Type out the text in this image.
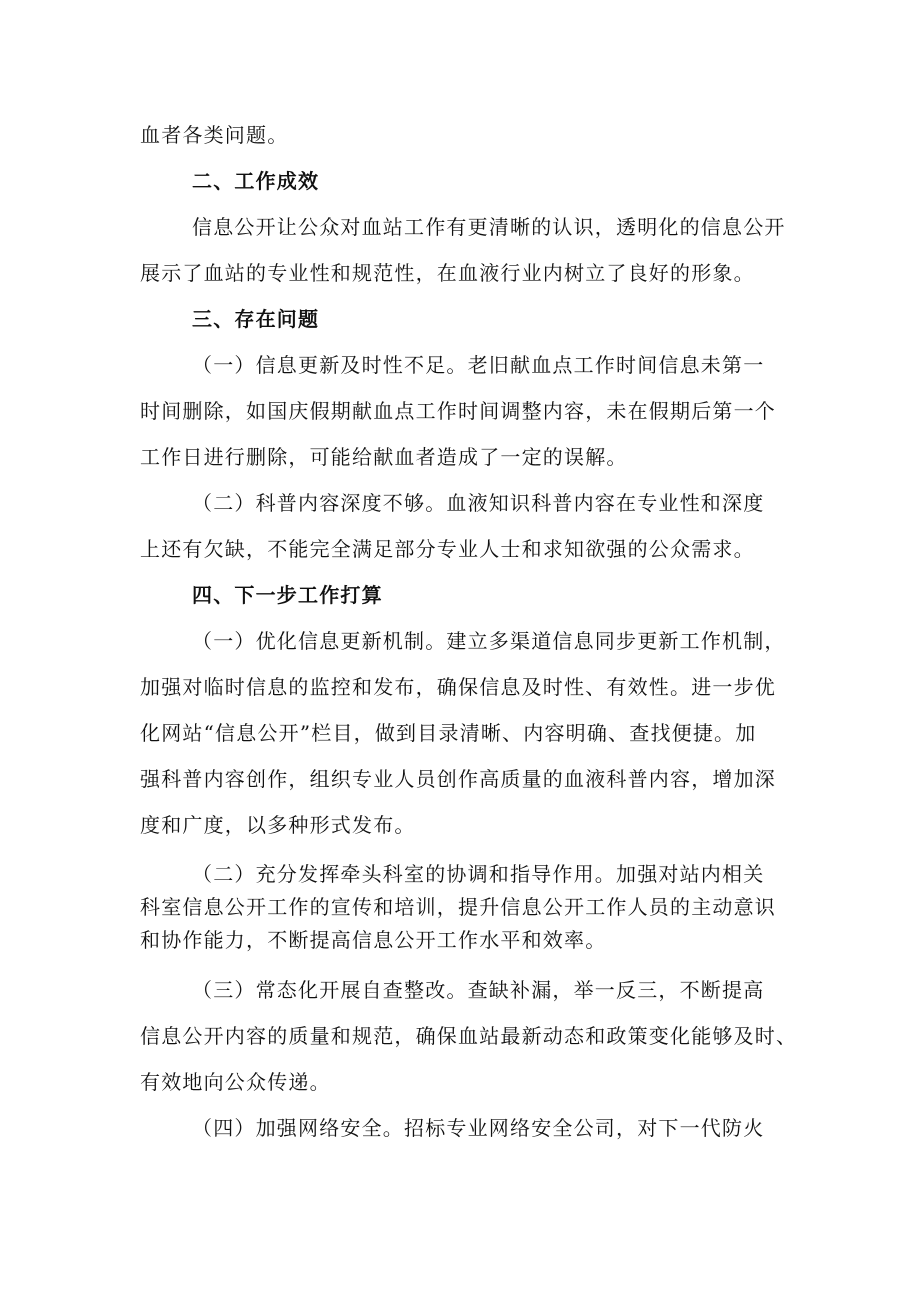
血者各类问题。
二、工作成效
信息公开让公众对血站工作有更清晰的认识，透明化的信息公开
展示了血站的专业性和规范性，在血液行业内树立了良好的形象。
三、存在问题
（一）信息更新及时性不足。老旧献血点工作时间信息未第一
时间删除，如国庆假期献血点工作时间调整内容，未在假期后第一个
工作日进行删除，可能给献血者造成了一定的误解。
（二）科普内容深度不够。血液知识科普内容在专业性和深度
上还有欠缺，不能完全满足部分专业人士和求知欲强的公众需求。
四、下一步工作打算
（一）优化信息更新机制。建立多渠道信息同步更新工作机制，
加强对临时信息的监控和发布，确保信息及时性、有效性。进一步优
化网站“信息公开”栏目，做到目录清晰、内容明确、查找便捷。加
强科普内容创作，组织专业人员创作高质量的血液科普内容，增加深
度和广度，以多种形式发布。
（二）充分发挥牵头科室的协调和指导作用。加强对站内相关
科室信息公开工作的宣传和培训，提升信息公开工作人员的主动意识
和协作能力，不断提高信息公开工作水平和效率。
（三）常态化开展自查整改。查缺补漏，举一反三，不断提高
信息公开内容的质量和规范，确保血站最新动态和政策变化能够及时、
有效地向公众传递。
（四）加强网络安全。招标专业网络安全公司，对下一代防火
